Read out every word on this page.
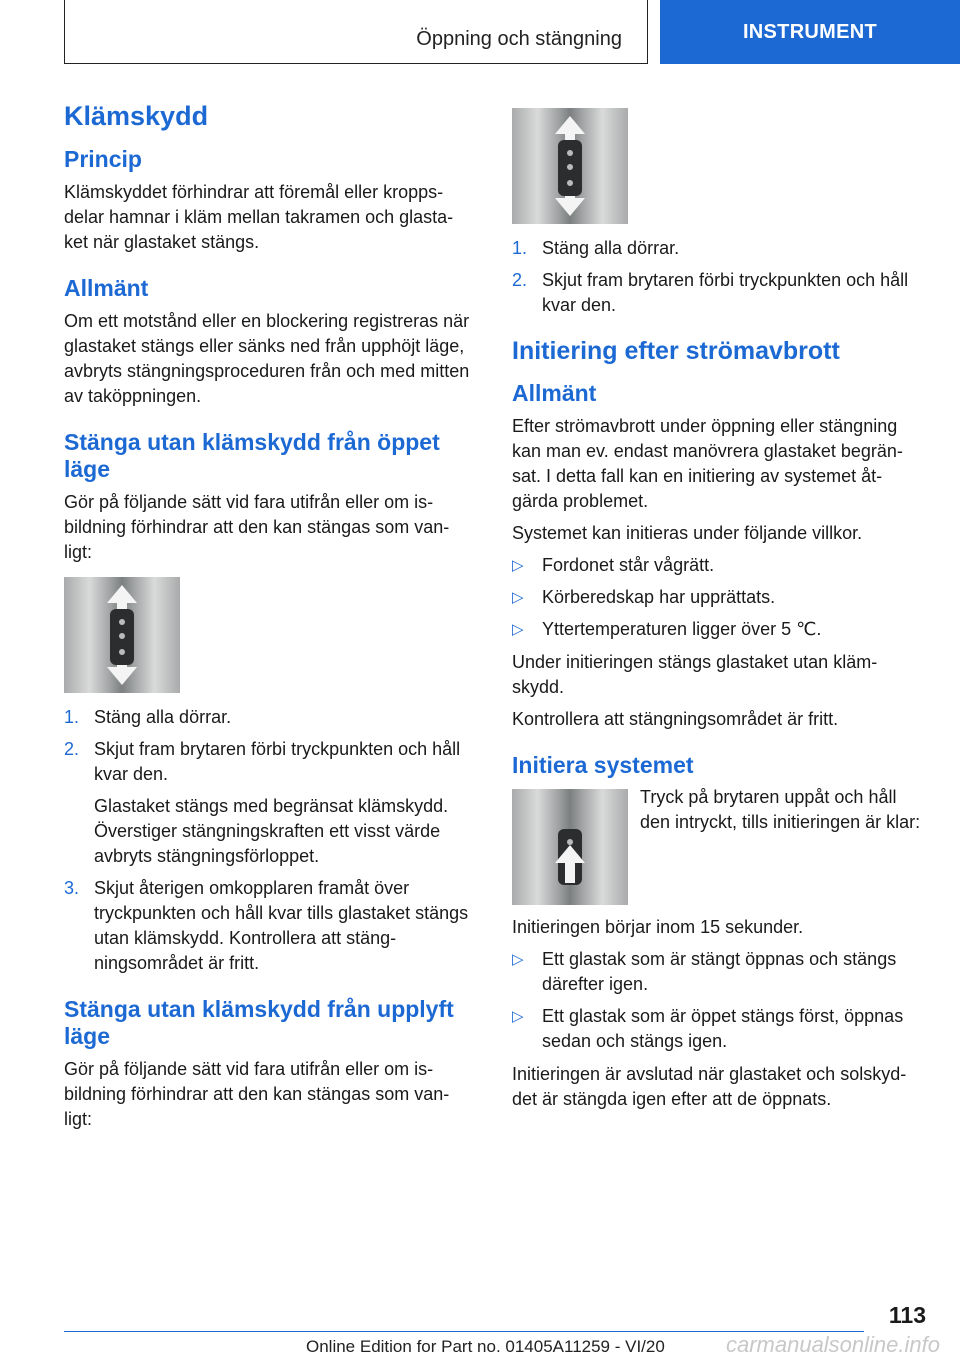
Öppning och stängning	INSTRUMENT
Klämskydd
Princip

Klämskyddet förhindrar att föremål eller kropps-delar hamnar i kläm mellan takramen och glasta-ket när glastaket stängs.

Allmänt

Om ett motstånd eller en blockering registreras när glastaket stängs eller sänks ned från upphöjt läge, avbryts stängningsproceduren från och med mitten av taköppningen.

Stänga utan klämskydd från öppet läge

Gör på följande sätt vid fara utifrån eller om is-bildning förhindrar att den kan stängas som van-ligt:

1. Stäng alla dörrar.
2. Skjut fram brytaren förbi tryckpunkten och håll kvar den.

Glastaket stängs med begränsat klämskydd. Överstiger stängningskraften ett visst värde avbryts stängningsförloppet.

3. Skjut återigen omkopplaren framåt över tryckpunkten och håll kvar tills glastaket stängs utan klämskydd. Kontrollera att stäng-ningsområdet är fritt.
Stänga utan klämskydd från upplyft läge

Gör på följande sätt vid fara utifrån eller om is-bildning förhindrar att den kan stängas som van-ligt:

1. Stäng alla dörrar.
2. Skjut fram brytaren förbi tryckpunkten och håll kvar den.
Initiering efter strömavbrott
Allmänt

Efter strömavbrott under öppning eller stängning kan man ev. endast manövrera glastaket begrän-sat. I detta fall kan en initiering av systemet åt-gärda problemet.

Systemet kan initieras under följande villkor.

▷ Fordonet står vågrätt.
▷ Körberedskap har upprättats.
▷ Yttertemperaturen ligger över 5 ℃.

Under initieringen stängs glastaket utan kläm-skydd.

Kontrollera att stängningsområdet är fritt.

Initiera systemet

Tryck på brytaren uppåt och håll den intryckt, tills initieringen är klar:

Initieringen börjar inom 15 sekunder.

▷ Ett glastak som är stängt öppnas och stängs därefter igen.
▷ Ett glastak som är öppet stängs först, öppnas sedan och stängs igen.

Initieringen är avslutad när glastaket och solskyd-det är stängda igen efter att de öppnats.

113
carmanualsonline.info
Online Edition for Part no. 01405A11259 - VI/20
